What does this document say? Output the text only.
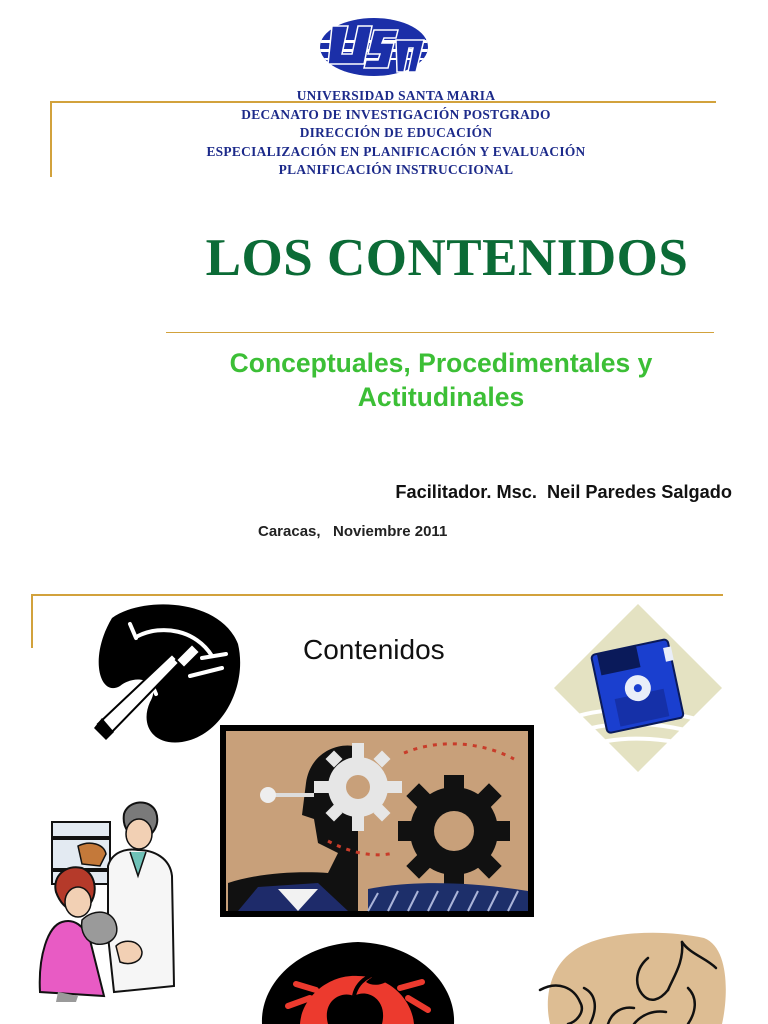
UNIVERSIDAD SANTA MARIA
DECANATO DE INVESTIGACIÓN POSTGRADO
DIRECCIÓN DE EDUCACIÓN
ESPECIALIZACIÓN EN PLANIFICACIÓN Y EVALUACIÓN
PLANIFICACIÓN INSTRUCCIONAL
LOS CONTENIDOS
Conceptuales, Procedimentales y
Actitudinales
Facilitador. Msc.  Neil Paredes Salgado
Caracas,   Noviembre 2011
Contenidos
